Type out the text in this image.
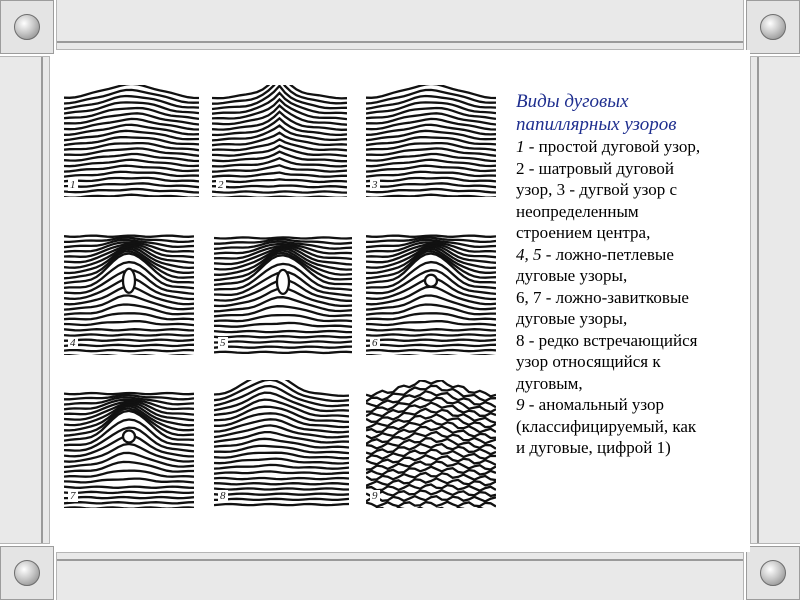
1	2	3
4	5	6
7	8	9
Виды дуговых
папиллярных узоров
1 - простой дуговой узор,
2 - шатровый дуговой
узор, 3 - дугвой узор с
неопределенным
строением центра,
4, 5 - ложно-петлевые
дуговые узоры,
6, 7 - ложно-завитковые
дуговые узоры,
8 - редко встречающийся
узор относящийся к
дуговым,
9 - аномальный узор
(классифицируемый, как
и дуговые, цифрой 1)
